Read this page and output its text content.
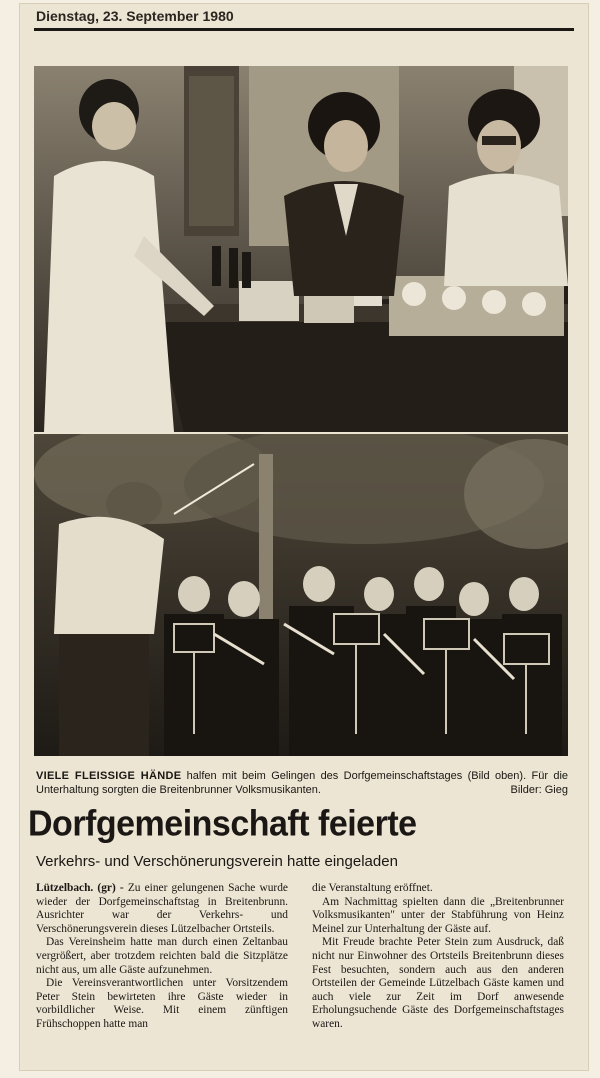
Dienstag, 23. September 1980
VIELE FLEISSIGE HÄNDE halfen mit beim Gelingen des Dorfgemeinschaftstages (Bild oben). Für die Unterhaltung sorgten die Breitenbrunner Volksmusikanten.	Bilder: Gieg
Dorfgemeinschaft feierte
Verkehrs- und Verschönerungsverein hatte eingeladen

Lützelbach. (gr) - Zu einer gelungenen Sache wurde wieder der Dorfgemeinschaftstag in Breitenbrunn. Ausrichter war der Verkehrs- und Verschönerungsverein dieses Lützelbacher Ortsteils.

Das Vereinsheim hatte man durch einen Zeltanbau vergrößert, aber trotzdem reichten bald die Sitzplätze nicht aus, um alle Gäste aufzunehmen.

Die Vereinsverantwortlichen unter Vorsitzendem Peter Stein bewirteten ihre Gäste wieder in vorbildlicher Weise. Mit einem zünftigen Frühschoppen hatte man

die Veranstaltung eröffnet.

Am Nachmittag spielten dann die „Breitenbrunner Volksmusikanten" unter der Stabführung von Heinz Meinel zur Unterhaltung der Gäste auf.

Mit Freude brachte Peter Stein zum Ausdruck, daß nicht nur Einwohner des Ortsteils Breitenbrunn dieses Fest besuchten, sondern auch aus den anderen Ortsteilen der Gemeinde Lützelbach Gäste kamen und auch viele zur Zeit im Dorf anwesende Erholungsuchende Gäste des Dorfgemeinschaftstages waren.
